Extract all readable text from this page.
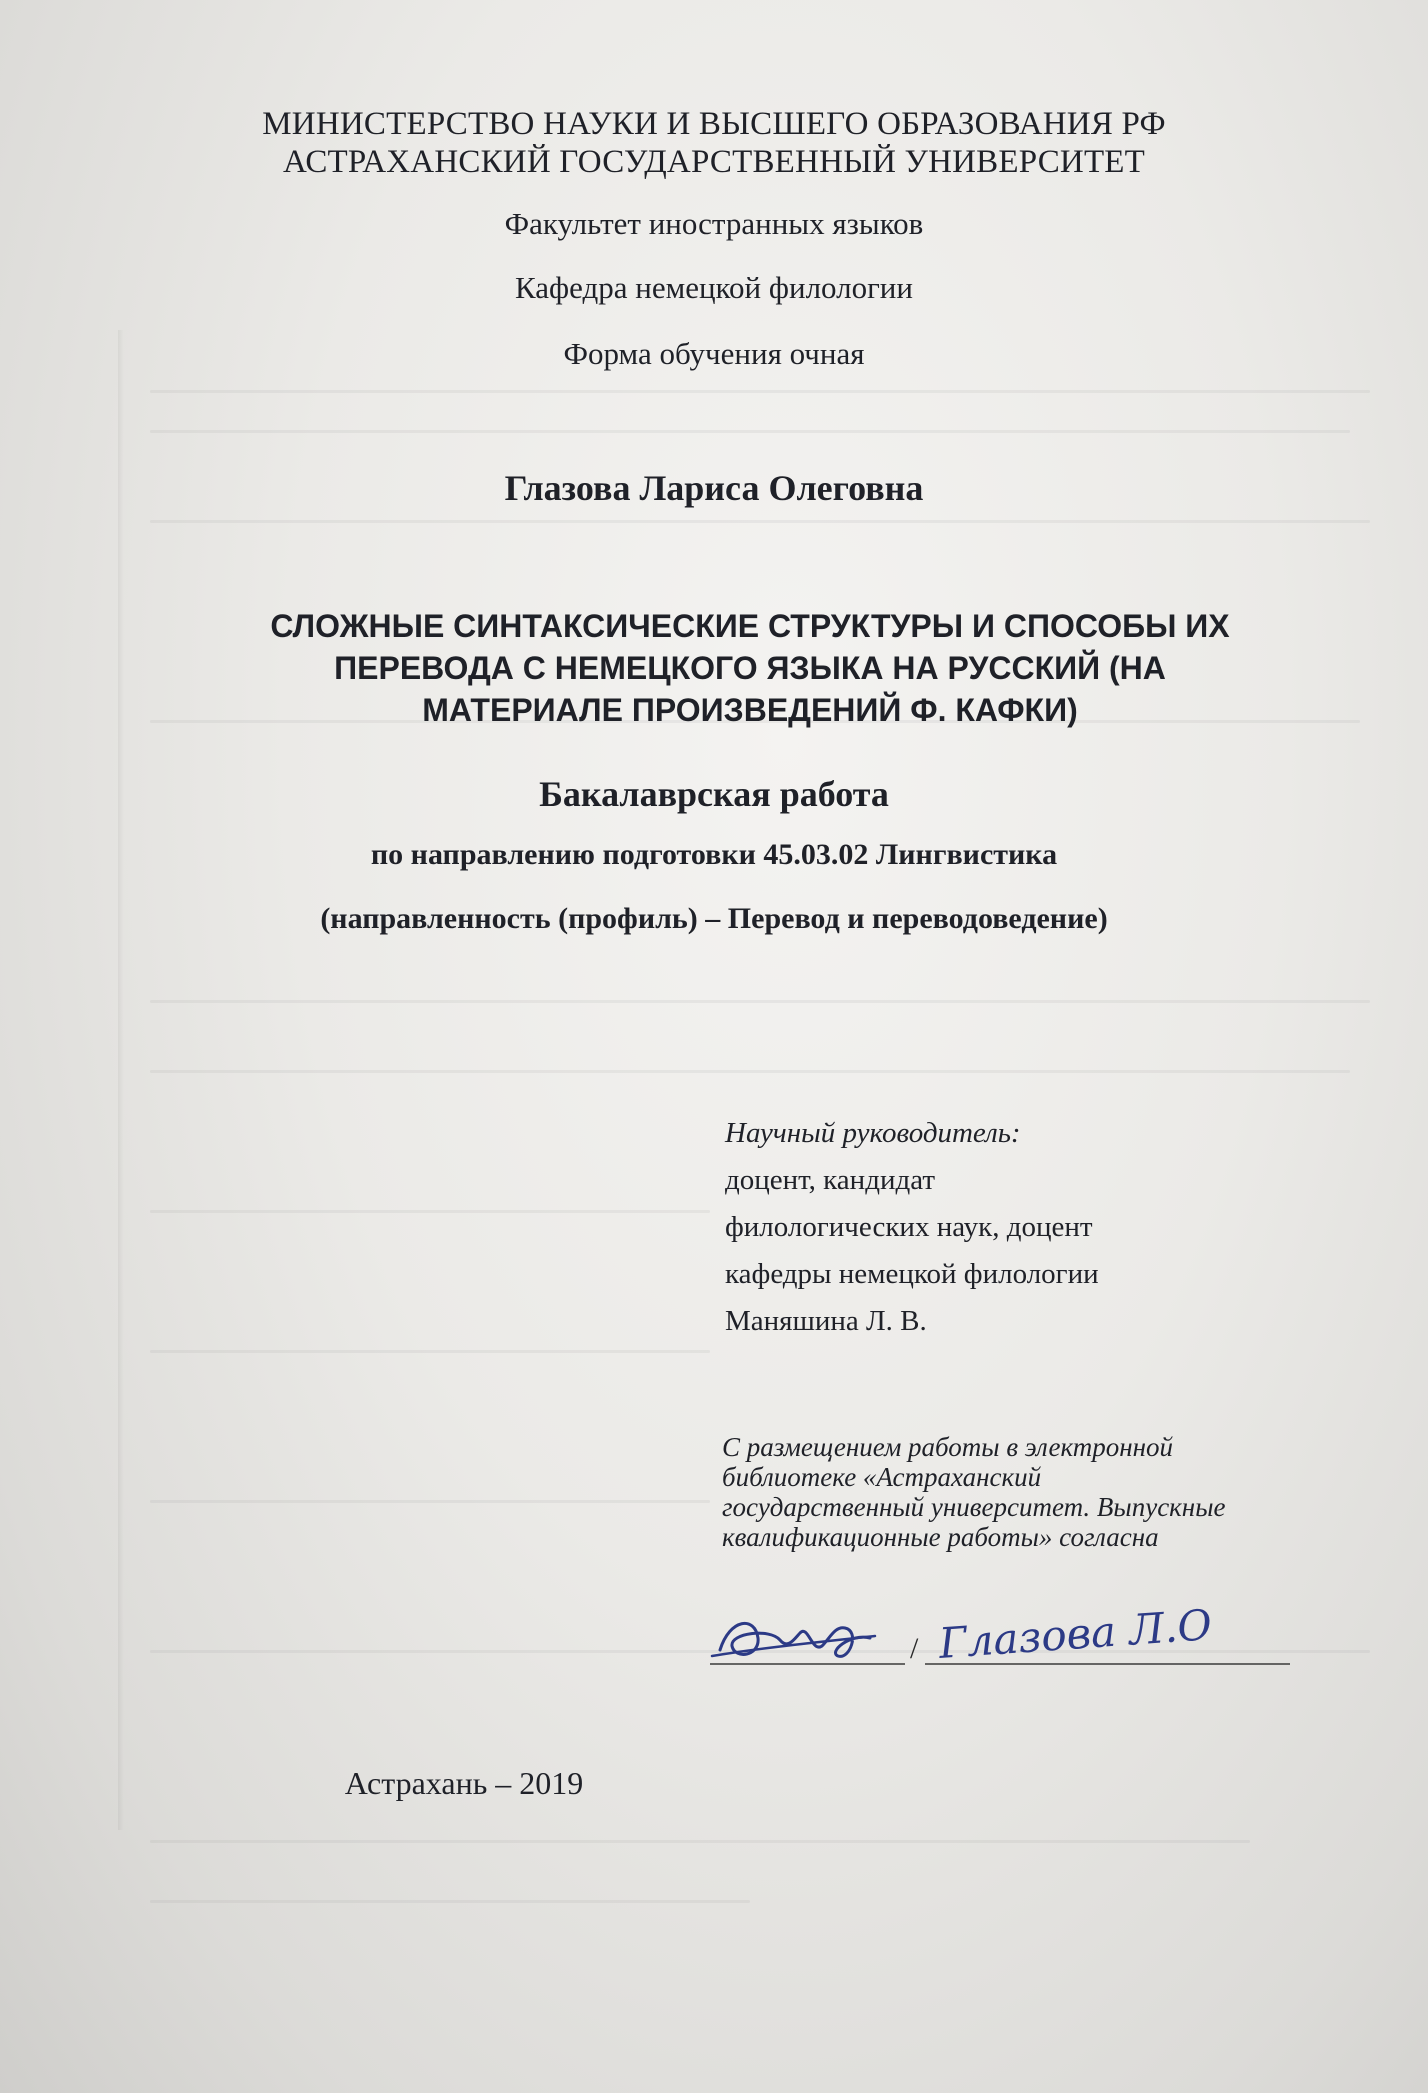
МИНИСТЕРСТВО НАУКИ И ВЫСШЕГО ОБРАЗОВАНИЯ РФ
АСТРАХАНСКИЙ ГОСУДАРСТВЕННЫЙ УНИВЕРСИТЕТ
Факультет иностранных языков
Кафедра немецкой филологии
Форма обучения очная
Глазова Лариса Олеговна
СЛОЖНЫЕ СИНТАКСИЧЕСКИЕ СТРУКТУРЫ И СПОСОБЫ ИХ
ПЕРЕВОДА С НЕМЕЦКОГО ЯЗЫКА НА РУССКИЙ (НА
МАТЕРИАЛЕ ПРОИЗВЕДЕНИЙ Ф. КАФКИ)
Бакалаврская работа
по направлению подготовки 45.03.02 Лингвистика
(направленность (профиль) – Перевод и переводоведение)
Научный руководитель:
доцент, кандидат
филологических наук, доцент
кафедры немецкой филологии
Маняшина Л. В.
С размещением работы в электронной
библиотеке «Астраханский
государственный университет. Выпускные
квалификационные работы» согласна
/ Глазова Л.О
Астрахань – 2019
